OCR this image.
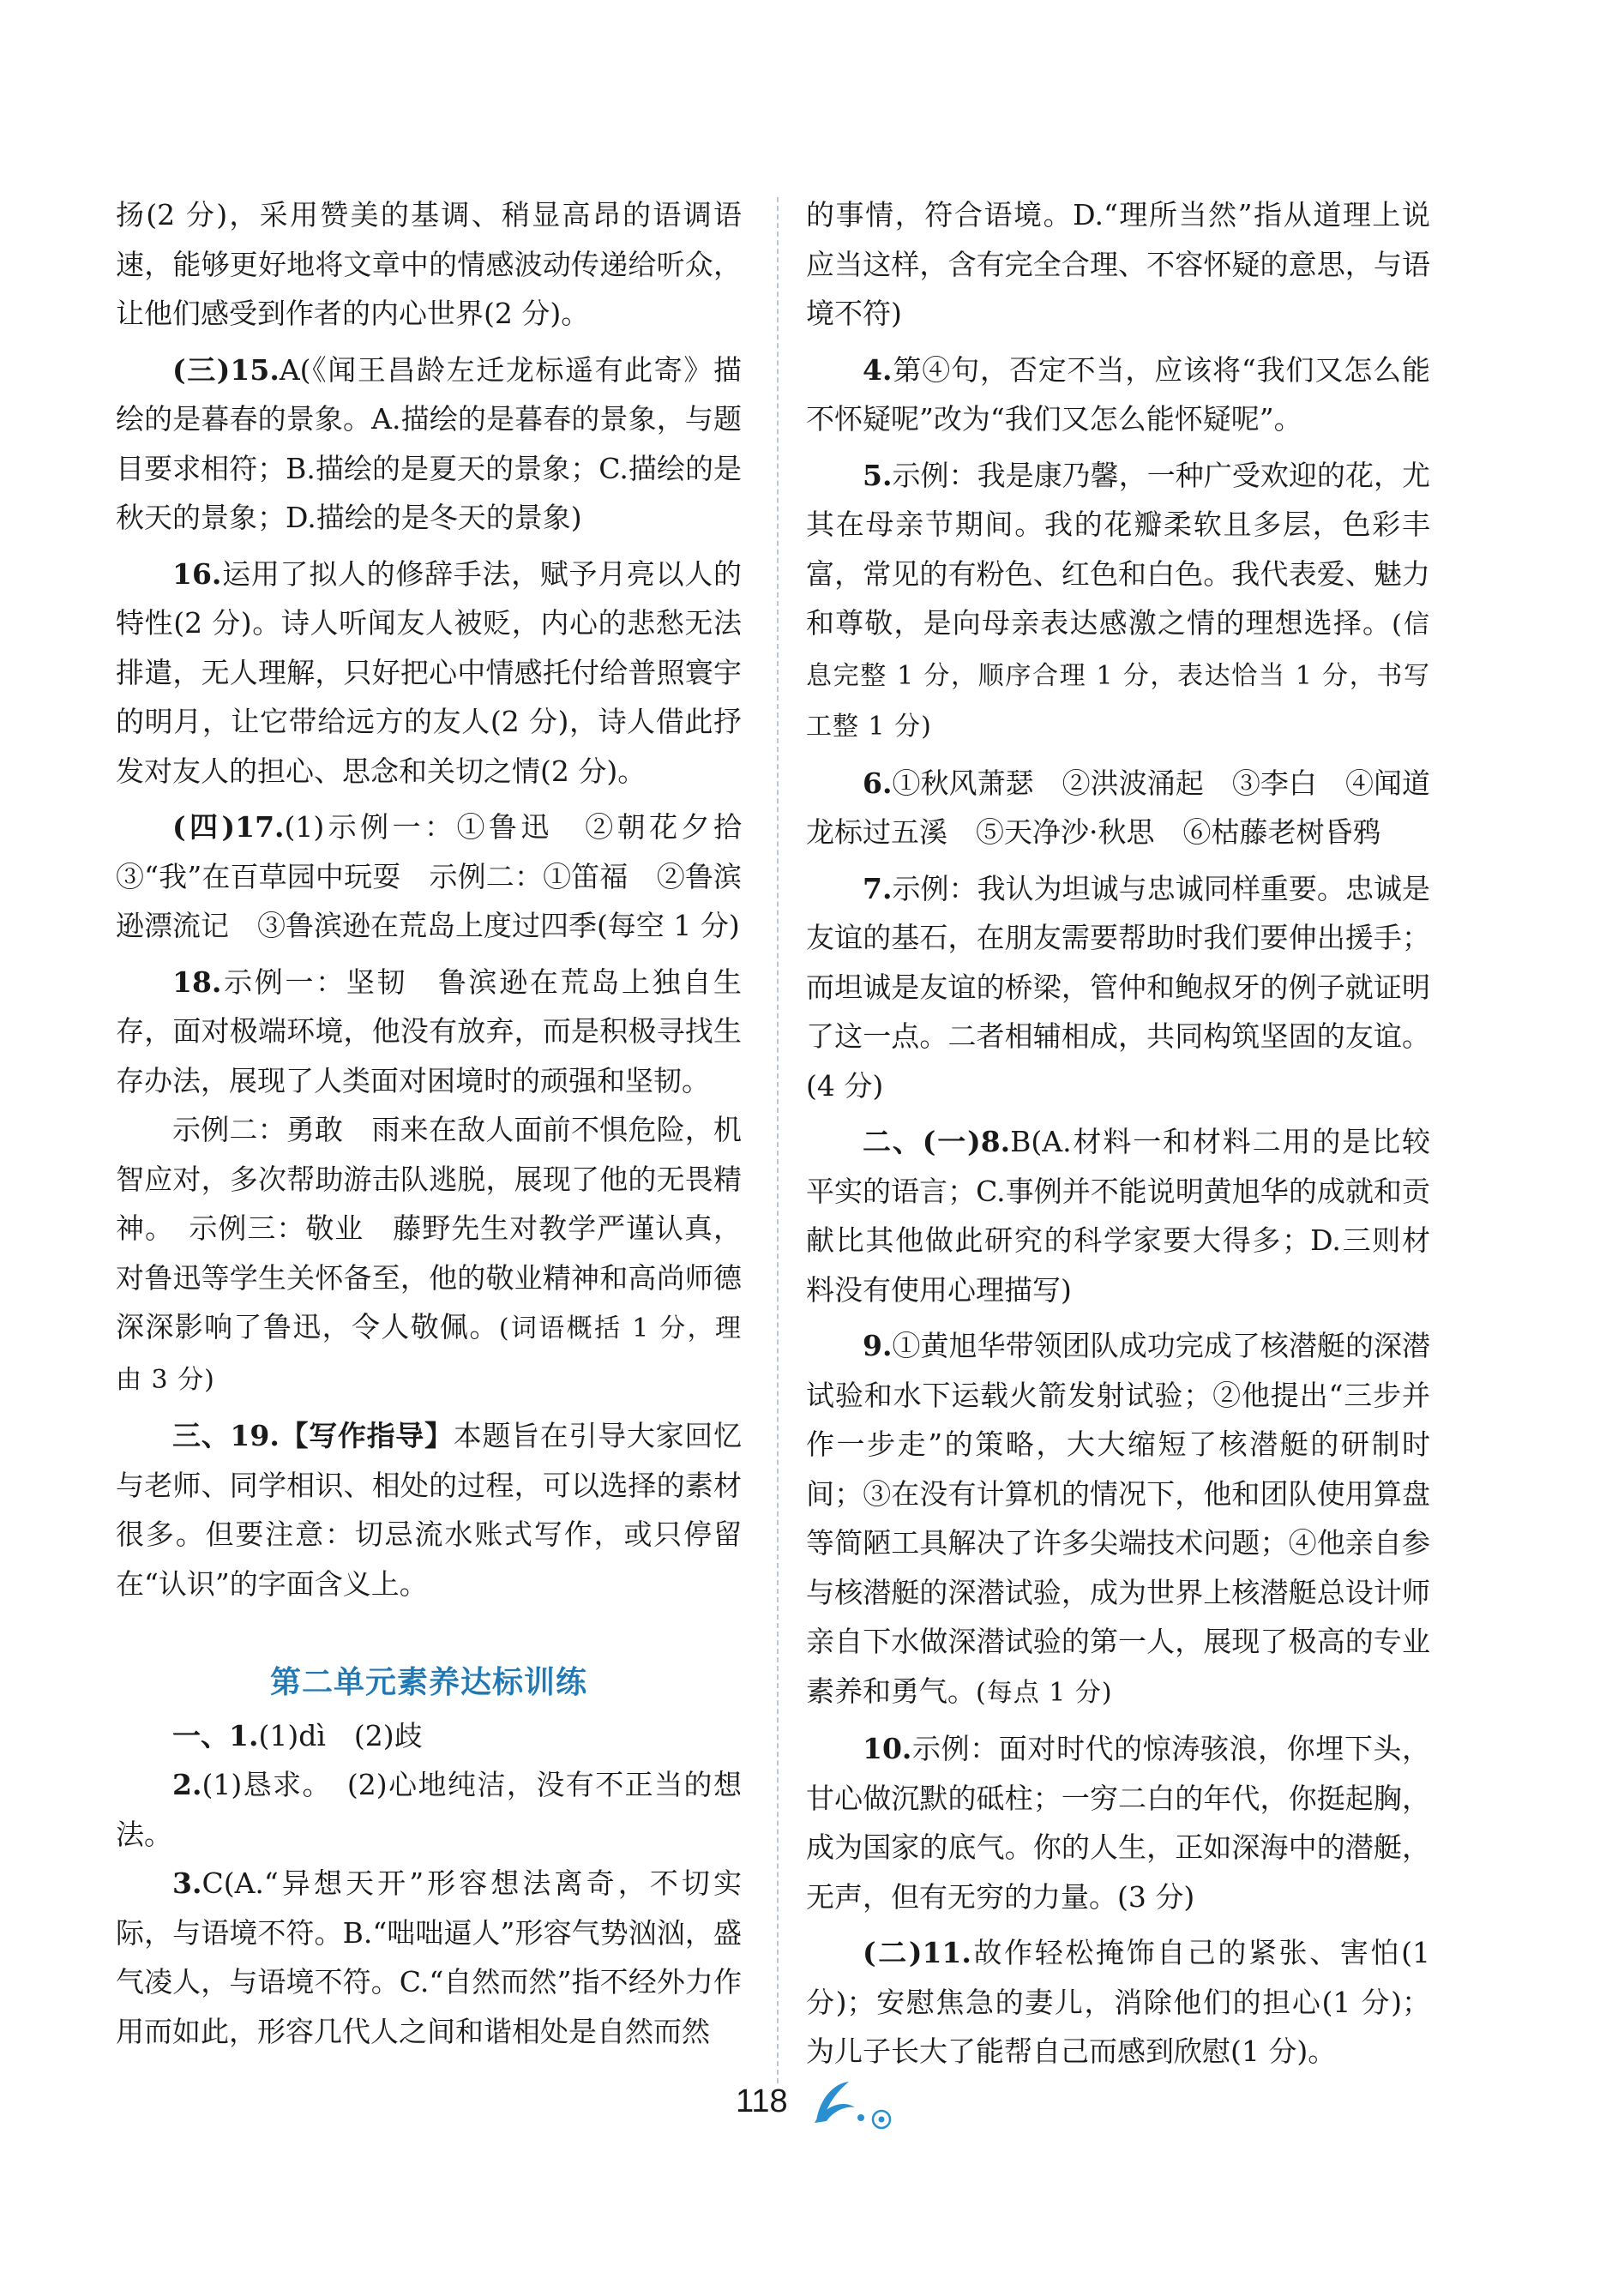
扬(2 分)，采用赞美的基调、稍显高昂的语调语速，能够更好地将文章中的情感波动传递给听众，让他们感受到作者的内心世界(2 分)。

(三)15.A(《闻王昌龄左迁龙标遥有此寄》描绘的是暮春的景象。A.描绘的是暮春的景象，与题目要求相符；B.描绘的是夏天的景象；C.描绘的是秋天的景象；D.描绘的是冬天的景象)

16.运用了拟人的修辞手法，赋予月亮以人的特性(2 分)。诗人听闻友人被贬，内心的悲愁无法排遣，无人理解，只好把心中情感托付给普照寰宇的明月，让它带给远方的友人(2 分)，诗人借此抒发对友人的担心、思念和关切之情(2 分)。

(四)17.(1)示例一：①鲁迅　②朝花夕拾　③“我”在百草园中玩耍　示例二：①笛福　②鲁滨逊漂流记　③鲁滨逊在荒岛上度过四季(每空 1 分)

18.示例一：坚韧　鲁滨逊在荒岛上独自生存，面对极端环境，他没有放弃，而是积极寻找生存办法，展现了人类面对困境时的顽强和坚韧。

示例二：勇敢　雨来在敌人面前不惧危险，机智应对，多次帮助游击队逃脱，展现了他的无畏精神。　示例三：敬业　藤野先生对教学严谨认真，对鲁迅等学生关怀备至，他的敬业精神和高尚师德深深影响了鲁迅，令人敬佩。(词语概括 1 分，理由 3 分)

三、19.【写作指导】本题旨在引导大家回忆与老师、同学相识、相处的过程，可以选择的素材很多。但要注意：切忌流水账式写作，或只停留在“认识”的字面含义上。

第二单元素养达标训练

一、1.(1)dì　(2)歧

2.(1)恳求。　(2)心地纯洁，没有不正当的想法。

3.C(A.“异想天开”形容想法离奇，不切实际，与语境不符。B.“咄咄逼人”形容气势汹汹，盛气凌人，与语境不符。C.“自然而然”指不经外力作用而如此，形容几代人之间和谐相处是自然而然

的事情，符合语境。D.“理所当然”指从道理上说应当这样，含有完全合理、不容怀疑的意思，与语境不符)

4.第④句，否定不当，应该将“我们又怎么能不怀疑呢”改为“我们又怎么能怀疑呢”。

5.示例：我是康乃馨，一种广受欢迎的花，尤其在母亲节期间。我的花瓣柔软且多层，色彩丰富，常见的有粉色、红色和白色。我代表爱、魅力和尊敬，是向母亲表达感激之情的理想选择。(信息完整 1 分，顺序合理 1 分，表达恰当 1 分，书写工整 1 分)

6.①秋风萧瑟　②洪波涌起　③李白　④闻道龙标过五溪　⑤天净沙·秋思　⑥枯藤老树昏鸦

7.示例：我认为坦诚与忠诚同样重要。忠诚是友谊的基石，在朋友需要帮助时我们要伸出援手；而坦诚是友谊的桥梁，管仲和鲍叔牙的例子就证明了这一点。二者相辅相成，共同构筑坚固的友谊。(4 分)

二、(一)8.B(A.材料一和材料二用的是比较平实的语言；C.事例并不能说明黄旭华的成就和贡献比其他做此研究的科学家要大得多；D.三则材料没有使用心理描写)

9.①黄旭华带领团队成功完成了核潜艇的深潜试验和水下运载火箭发射试验；②他提出“三步并作一步走”的策略，大大缩短了核潜艇的研制时间；③在没有计算机的情况下，他和团队使用算盘等简陋工具解决了许多尖端技术问题；④他亲自参与核潜艇的深潜试验，成为世界上核潜艇总设计师亲自下水做深潜试验的第一人，展现了极高的专业素养和勇气。(每点 1 分)

10.示例：面对时代的惊涛骇浪，你埋下头，甘心做沉默的砥柱；一穷二白的年代，你挺起胸，成为国家的底气。你的人生，正如深海中的潜艇，无声，但有无穷的力量。(3 分)

(二)11.故作轻松掩饰自己的紧张、害怕(1 分)；安慰焦急的妻儿，消除他们的担心(1 分)；为儿子长大了能帮自己而感到欣慰(1 分)。

118
